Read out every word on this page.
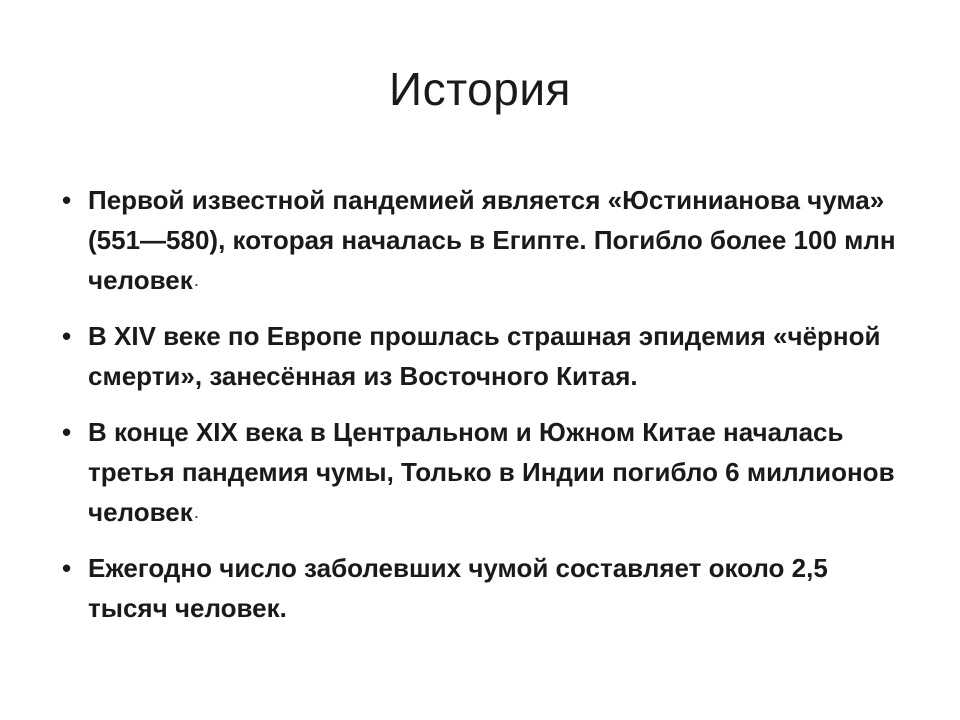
История
• Первой известной пандемией является «Юстинианова чума» (551—580), которая началась в Египте. Погибло более 100 млн человек .
• В XIV веке по Европе прошлась страшная эпидемия «чёрной смерти», занесённая из Восточного Китая.
• В конце XIX века в Центральном и Южном Китае началась третья пандемия чумы, Только в Индии погибло 6 миллионов человек .
• Ежегодно число заболевших чумой составляет около 2,5 тысяч человек.
